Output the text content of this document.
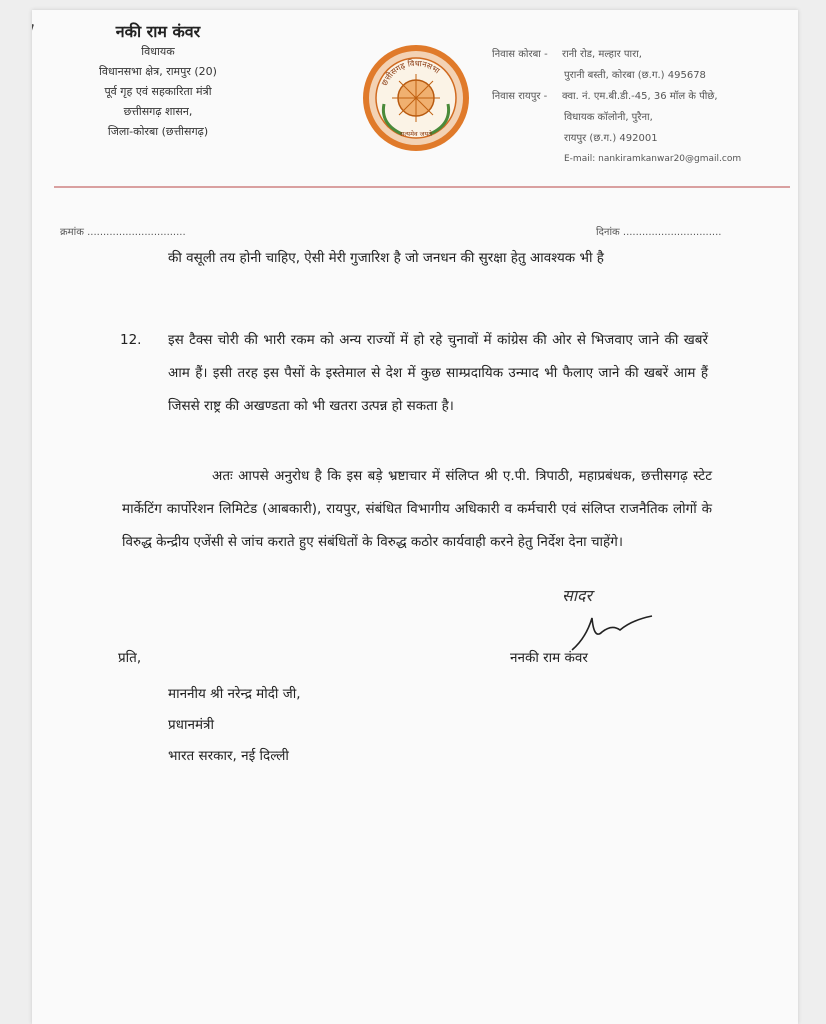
नकी राम कंवर
विधायक
विधानसभा क्षेत्र, रामपुर (20)
पूर्व गृह एवं सहकारिता मंत्री
छत्तीसगढ़ शासन,
जिला-कोरबा (छत्तीसगढ़)
छत्तीसगढ़ विधानसभा
सत्यमेव जयते
निवास कोरबा - रानी रोड, मल्हार पारा,
पुरानी बस्ती, कोरबा (छ.ग.) 495678
निवास रायपुर - क्वा. नं. एम.बी.डी.-45, 36 मॉल के पीछे,
विधायक कॉलोनी, पुरैना,
रायपुर (छ.ग.) 492001
E-mail: nankiramkanwar20@gmail.com
क्रमांक ...............................	दिनांक ...............................
की वसूली तय होनी चाहिए, ऐसी मेरी गुजारिश है जो जनधन की सुरक्षा हेतु आवश्यक भी है
12. इस टैक्स चोरी की भारी रकम को अन्य राज्यों में हो रहे चुनावों में कांग्रेस की ओर से भिजवाए जाने की खबरें आम हैं। इसी तरह इस पैसों के इस्तेमाल से देश में कुछ साम्प्रदायिक उन्माद भी फैलाए जाने की खबरें आम हैं जिससे राष्ट्र की अखण्डता को भी खतरा उत्पन्न हो सकता है।
अतः आपसे अनुरोध है कि इस बड़े भ्रष्टाचार में संलिप्त श्री ए.पी. त्रिपाठी, महाप्रबंधक, छत्तीसगढ़ स्टेट मार्केटिंग कार्पोरेशन लिमिटेड (आबकारी), रायपुर, संबंधित विभागीय अधिकारी व कर्मचारी एवं संलिप्त राजनैतिक लोगों के विरुद्ध केन्द्रीय एजेंसी से जांच कराते हुए संबंधितों के विरुद्ध कठोर कार्यवाही करने हेतु निर्देश देना चाहेंगे।
सादर
ननकी राम कंवर
प्रति,
माननीय श्री नरेन्द्र मोदी जी,
प्रधानमंत्री
भारत सरकार, नई दिल्ली
